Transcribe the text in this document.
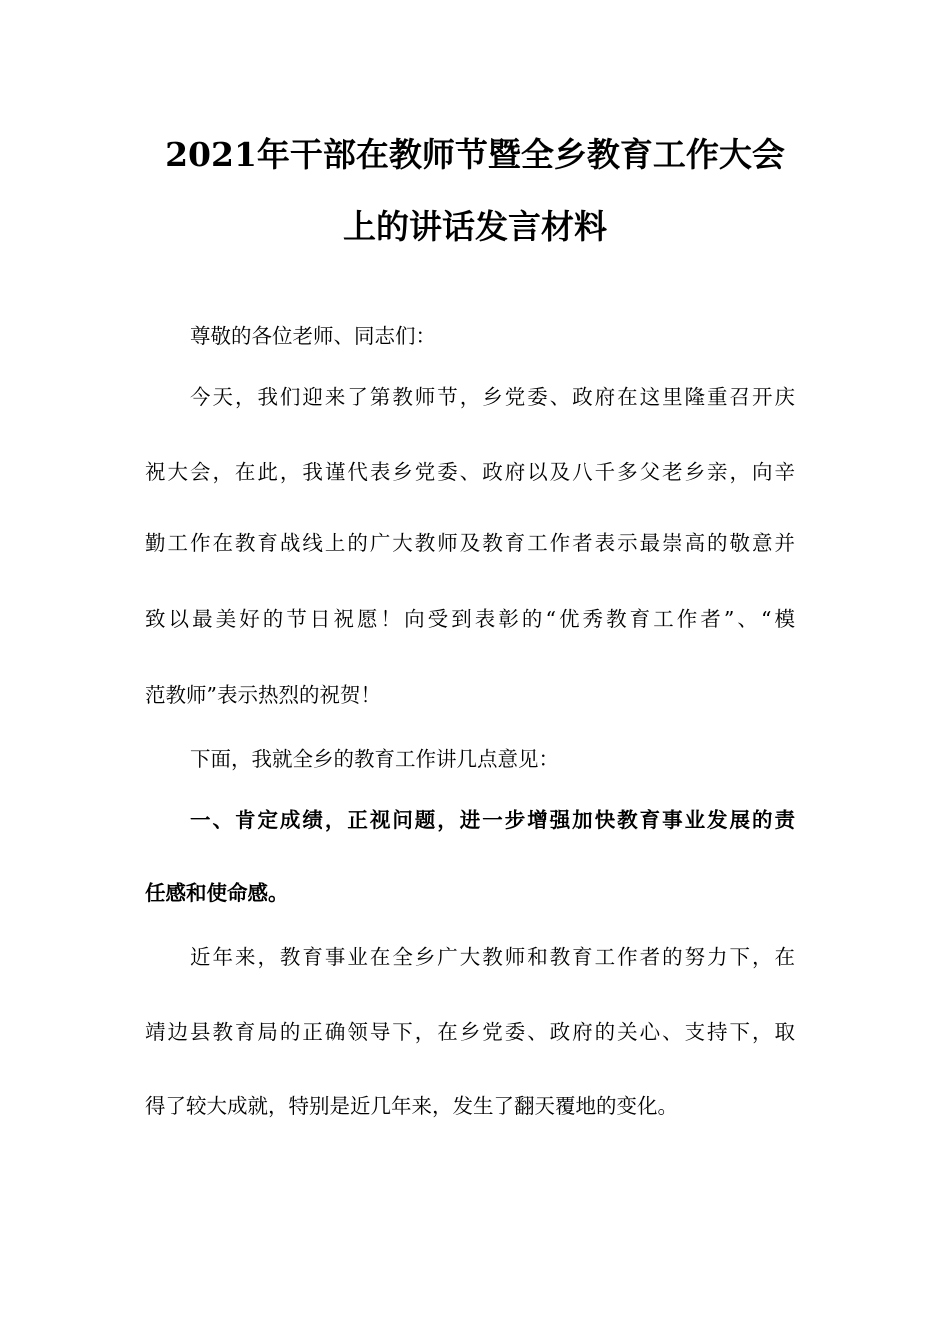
2021年干部在教师节暨全乡教育工作大会
上的讲话发言材料
尊敬的各位老师、同志们：
今天，我们迎来了第教师节，乡党委、政府在这里隆重召开庆
祝大会，在此，我谨代表乡党委、政府以及八千多父老乡亲，向辛
勤工作在教育战线上的广大教师及教育工作者表示最崇高的敬意并
致以最美好的节日祝愿！向受到表彰的“优秀教育工作者”、“模
范教师”表示热烈的祝贺！
下面，我就全乡的教育工作讲几点意见：
一、肯定成绩，正视问题，进一步增强加快教育事业发展的责
任感和使命感。
近年来，教育事业在全乡广大教师和教育工作者的努力下，在
靖边县教育局的正确领导下，在乡党委、政府的关心、支持下，取
得了较大成就，特别是近几年来，发生了翻天覆地的变化。
